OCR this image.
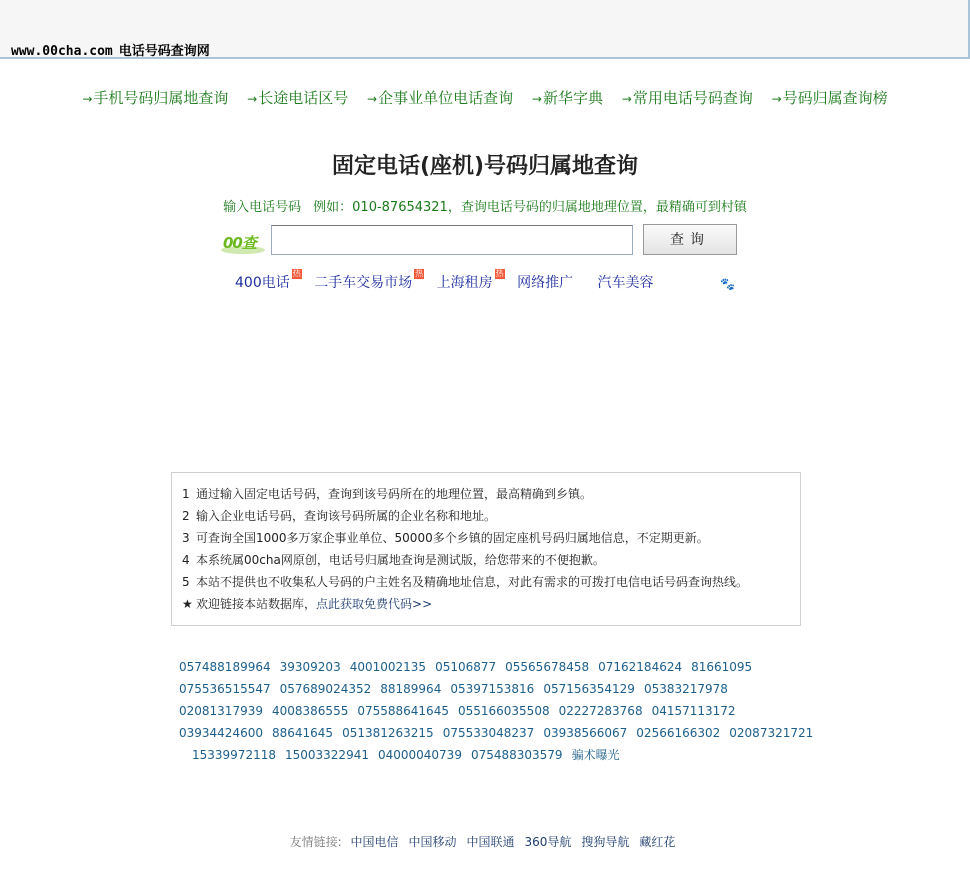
www.00cha.com 电话号码查询网
→手机号码归属地查询 →长途电话区号 →企事业单位电话查询 →新华字典 →常用电话号码查询 →号码归属查询榜
固定电话(座机)号码归属地查询
输入电话号码 例如：010-87654321，查询电话号码的归属地地理位置，最精确可到村镇
00查	查询
400电话
热
二手车交易市场
热
上海租房
热
网络推广 汽车美容	🐾
1 通过输入固定电话号码，查询到该号码所在的地理位置，最高精确到乡镇。
2 输入企业电话号码，查询该号码所属的企业名称和地址。
3 可查询全国1000多万家企事业单位、50000多个乡镇的固定座机号码归属地信息，不定期更新。
4 本系统属00cha网原创，电话号归属地查询是测试版，给您带来的不便抱歉。
5 本站不提供也不收集私人号码的户主姓名及精确地址信息，对此有需求的可拨打电信电话号码查询热线。
★ 欢迎链接本站数据库，点此获取免费代码>>
057488189964 39309203 4001002135 05106877 05565678458 07162184624 81661095
075536515547 057689024352 88189964 05397153816 057156354129 05383217978
02081317939 4008386555 075588641645 055166035508 02227283768 04157113172
03934424600 88641645 051381263215 075533048237 03938566067 02566166302 02087321721
15339972118 15003322941 04000040739 075488303579 骗术曝光
友情链接: 中国电信 中国移动 中国联通 360导航 搜狗导航 藏红花
